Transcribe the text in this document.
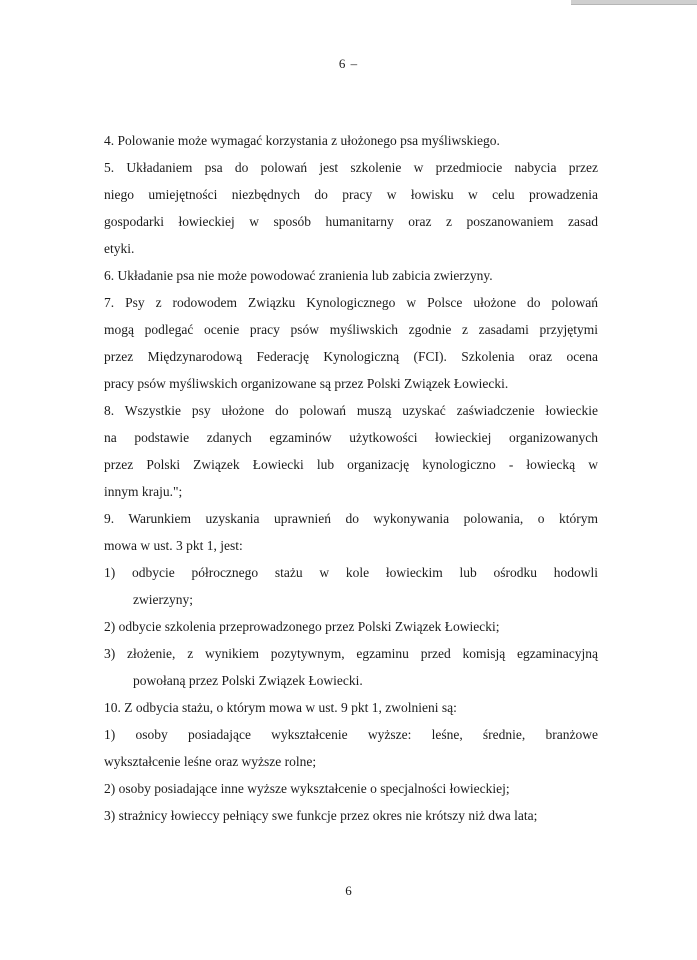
6 –
4. Polowanie może wymagać korzystania z ułożonego psa myśliwskiego.
5. Układaniem psa do polowań jest szkolenie w przedmiocie nabycia przez
niego umiejętności niezbędnych do pracy w łowisku w celu prowadzenia
gospodarki łowieckiej w sposób humanitarny oraz z poszanowaniem zasad
etyki.
6. Układanie psa nie może powodować zranienia lub zabicia zwierzyny.
7. Psy z rodowodem Związku Kynologicznego w Polsce ułożone do polowań
mogą podlegać ocenie pracy psów myśliwskich zgodnie z zasadami przyjętymi
przez Międzynarodową Federację Kynologiczną (FCI). Szkolenia oraz ocena
pracy psów myśliwskich organizowane są przez Polski Związek Łowiecki.
8. Wszystkie psy ułożone do polowań muszą uzyskać zaświadczenie łowieckie
na podstawie zdanych egzaminów użytkowości łowieckiej organizowanych
przez Polski Związek Łowiecki lub organizację kynologiczno - łowiecką w
innym kraju.";
9. Warunkiem uzyskania uprawnień do wykonywania polowania, o którym
mowa w ust. 3 pkt 1, jest:
1) odbycie półrocznego stażu w kole łowieckim lub ośrodku hodowli
zwierzyny;
2) odbycie szkolenia przeprowadzonego przez Polski Związek Łowiecki;
3) złożenie, z wynikiem pozytywnym, egzaminu przed komisją egzaminacyjną
powołaną przez Polski Związek Łowiecki.
10. Z odbycia stażu, o którym mowa w ust. 9 pkt 1, zwolnieni są:
1) osoby posiadające wykształcenie wyższe: leśne, średnie, branżowe
wykształcenie leśne oraz wyższe rolne;
2) osoby posiadające inne wyższe wykształcenie o specjalności łowieckiej;
3) strażnicy łowieccy pełniący swe funkcje przez okres nie krótszy niż dwa lata;
6
